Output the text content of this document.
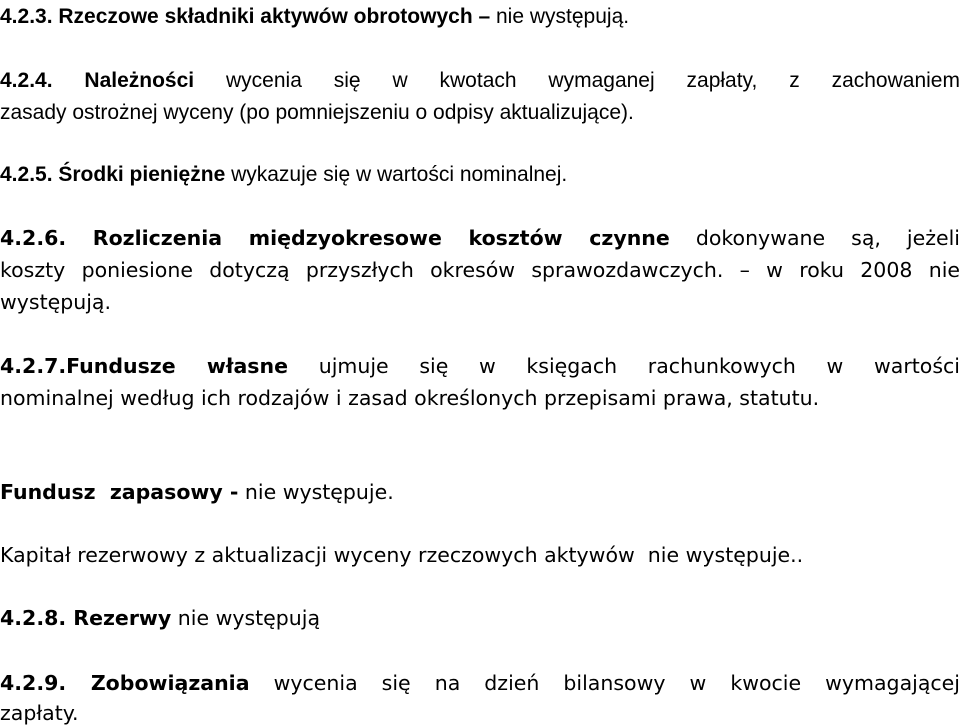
4.2.3. Rzeczowe składniki aktywów obrotowych – nie występują.
4.2.4. Należności wycenia się w kwotach wymaganej zapłaty, z zachowaniem
zasady ostrożnej wyceny (po pomniejszeniu o odpisy aktualizujące).
4.2.5. Środki pieniężne wykazuje się w wartości nominalnej.
4.2.6. Rozliczenia międzyokresowe kosztów czynne dokonywane są, jeżeli
koszty poniesione dotyczą przyszłych okresów sprawozdawczych. – w roku 2008 nie
występują.
4.2.7.Fundusze własne ujmuje się w księgach rachunkowych w wartości
nominalnej według ich rodzajów i zasad określonych przepisami prawa, statutu.
Fundusz  zapasowy - nie występuje.
Kapitał rezerwowy z aktualizacji wyceny rzeczowych aktywów  nie występuje..
4.2.8. Rezerwy nie występują
4.2.9. Zobowiązania wycenia się na dzień bilansowy w kwocie wymagającej
zapłaty.
